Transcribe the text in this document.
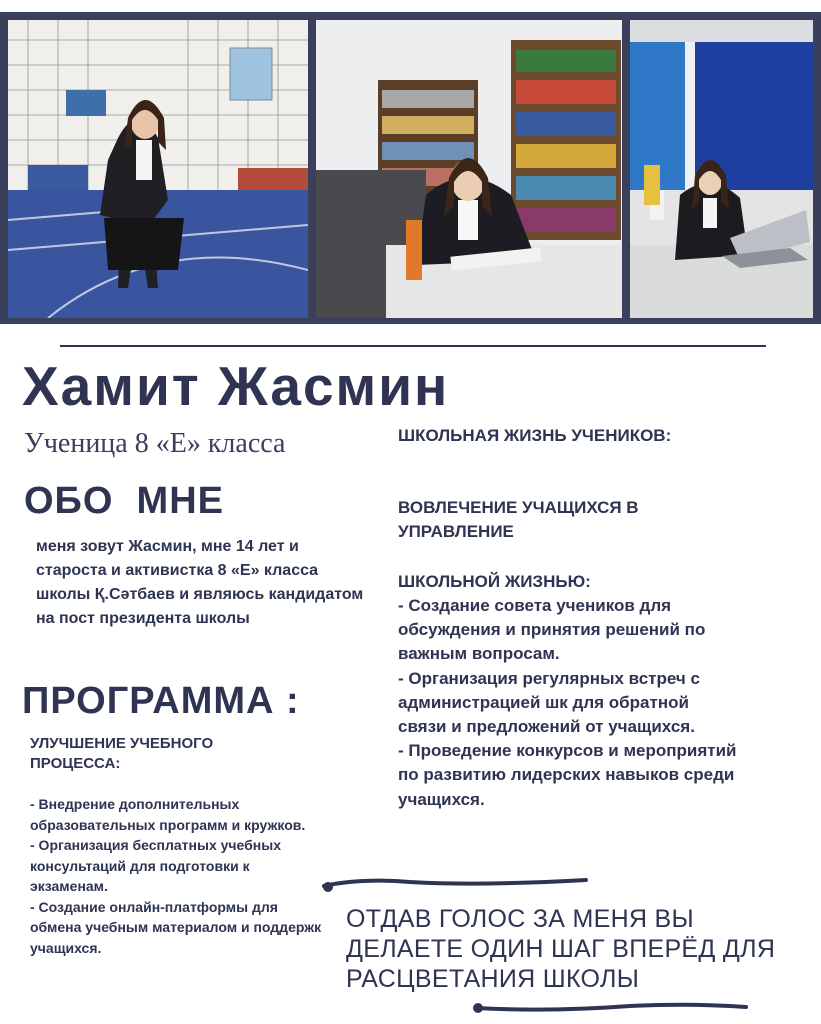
Хамит Жасмин
Ученица 8 «Е» класса
ОБО  МНЕ
меня зовут Жасмин, мне 14 лет и староста и активистка 8 «Е» класса школы Қ.Сәтбаев и являюсь кандидатом на пост президента школы
ПРОГРАММА :
УЛУЧШЕНИЕ УЧЕБНОГО ПРОЦЕССА:
- Внедрение дополнительных образовательных программ и кружков.
- Организация бесплатных учебных консультаций для подготовки к экзаменам.
- Создание онлайн-платформы для обмена учебным материалом и поддержк учащихся.
ШКОЛЬНАЯ ЖИЗНЬ УЧЕНИКОВ:
ВОВЛЕЧЕНИЕ УЧАЩИХСЯ В УПРАВЛЕНИЕ
ШКОЛЬНОЙ ЖИЗНЬЮ:
- Создание совета учеников для обсуждения и принятия решений по важным вопросам.
- Организация регулярных встреч с администрацией шк для обратной связи и предложений от учащихся.
- Проведение конкурсов и мероприятий по развитию лидерских навыков среди учащихся.
ОТДАВ ГОЛОС ЗА МЕНЯ ВЫ
ДЕЛАЕТЕ ОДИН ШАГ ВПЕРЁД ДЛЯ
РАСЦВЕТАНИЯ ШКОЛЫ
